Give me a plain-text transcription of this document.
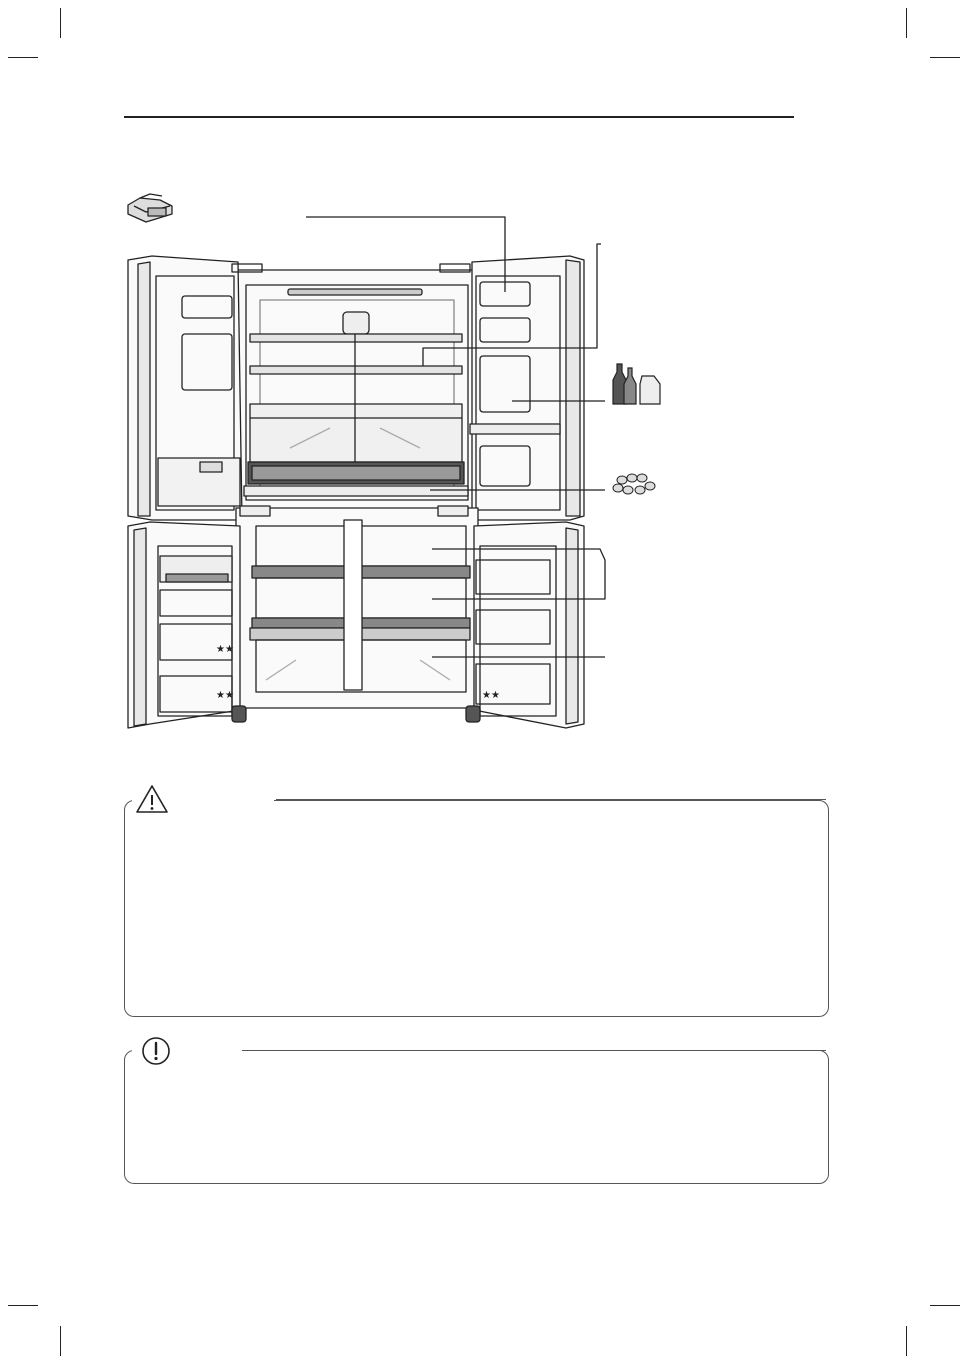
★★
★★	★★
